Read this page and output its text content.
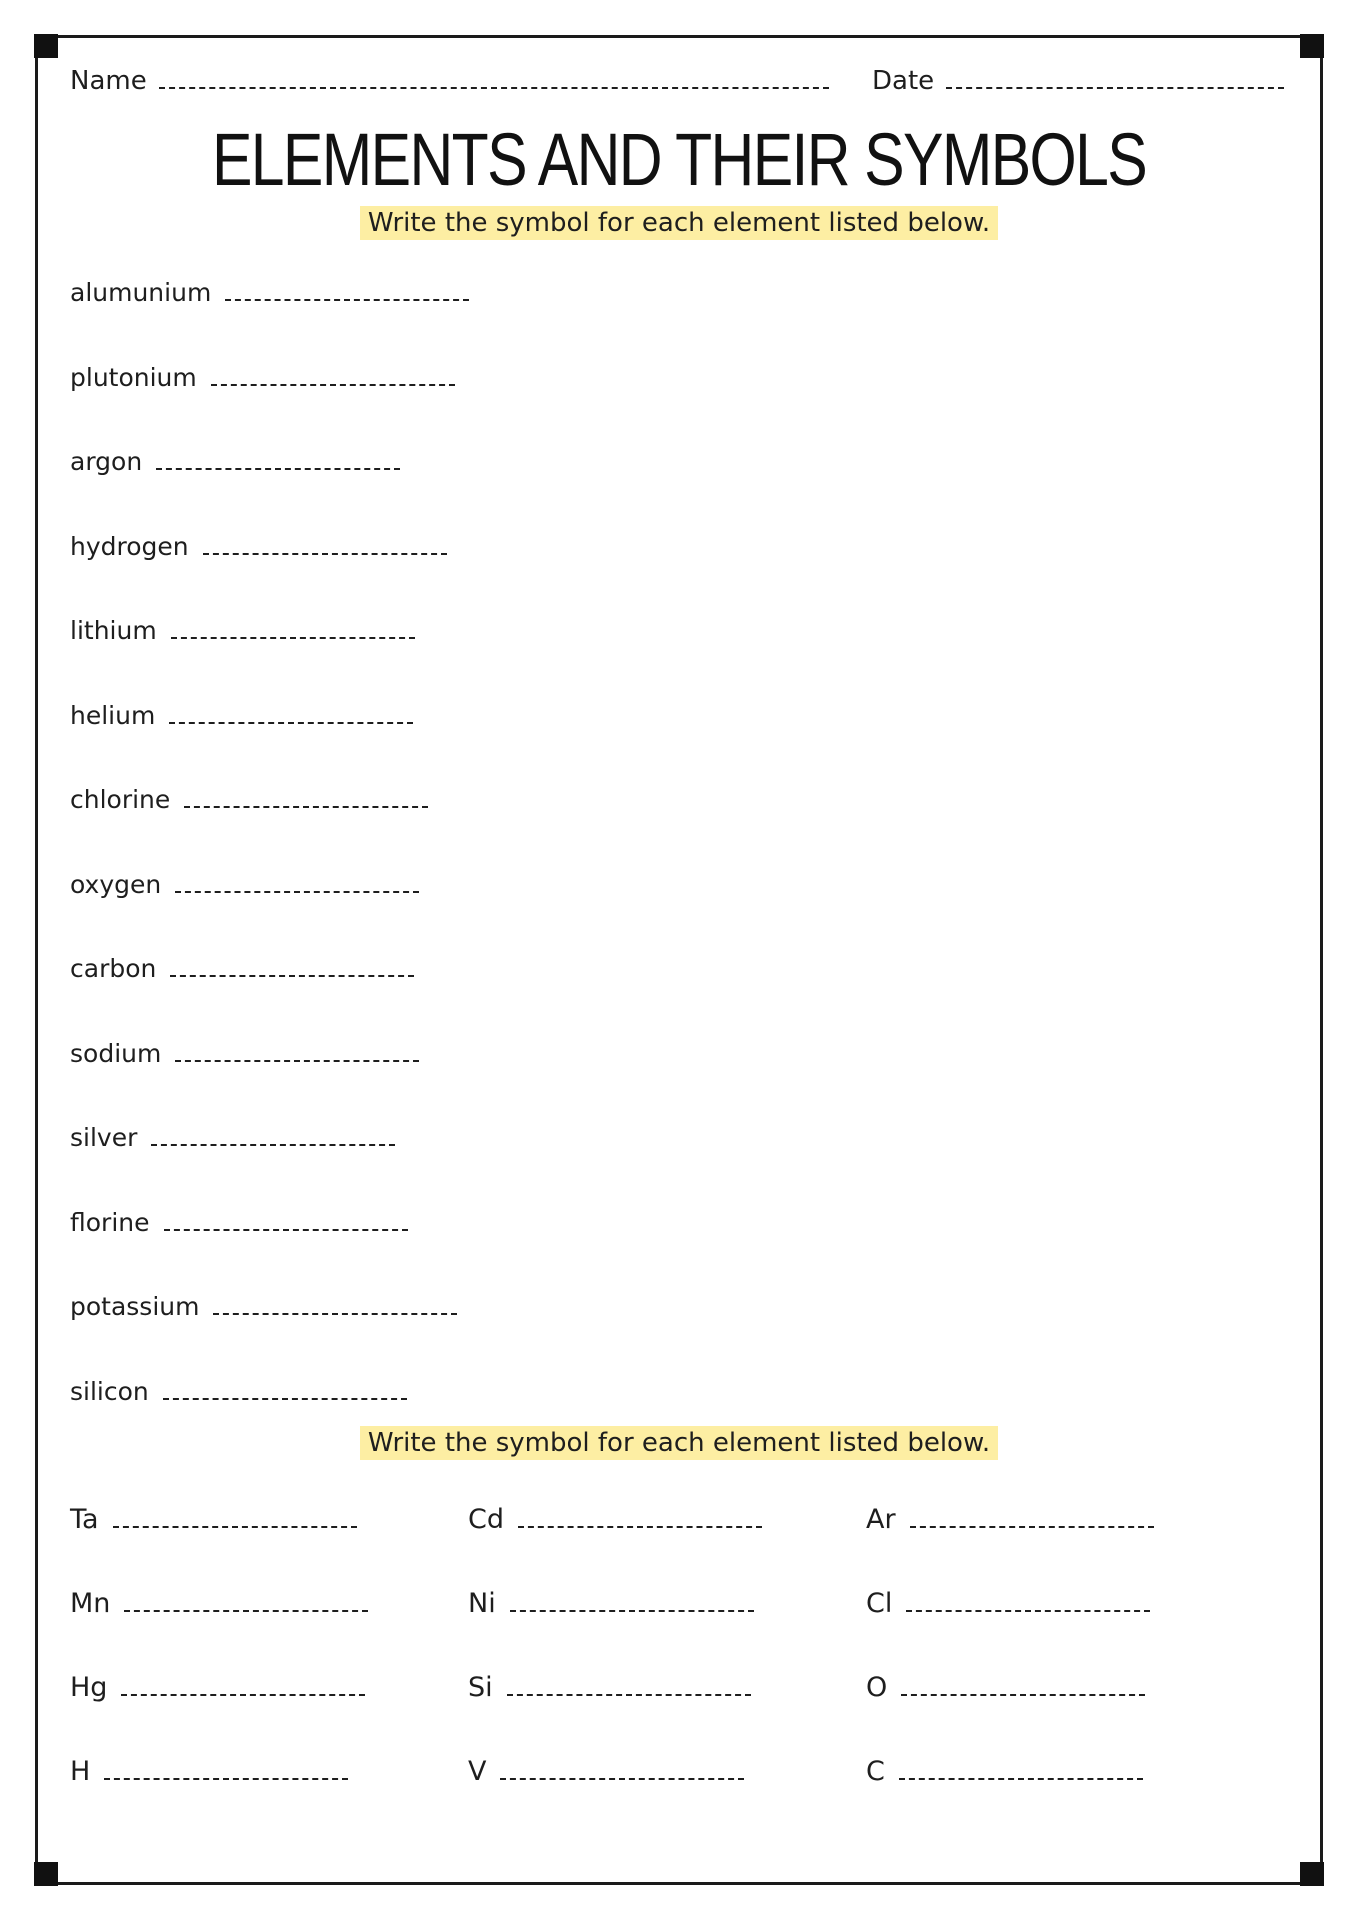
Name	Date
ELEMENTS AND THEIR SYMBOLS
Write the symbol for each element listed below.
alumunium
plutonium
argon
hydrogen
lithium
helium
chlorine
oxygen
carbon
sodium
silver
florine
potassium
silicon
Write the symbol for each element listed below.
Ta	Cd	Ar
Mn	Ni	Cl
Hg	Si	O
H	V	C
